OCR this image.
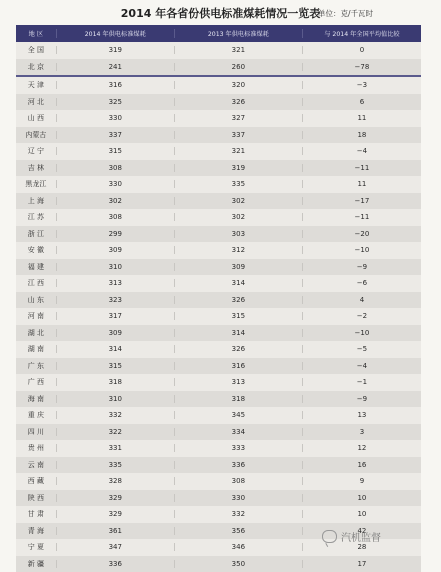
2014 年各省份供电标准煤耗情况一览表
单位：克/千瓦时
地 区	2014 年供电标准煤耗	2013 年供电标准煤耗	与 2014 年全国平均值比较
全 国	319	321	0
北 京	241	260	−78
天 津	316	320	−3
河 北	325	326	6
山 西	330	327	11
内蒙古	337	337	18
辽 宁	315	321	−4
吉 林	308	319	−11
黑龙江	330	335	11
上 海	302	302	−17
江 苏	308	302	−11
浙 江	299	303	−20
安 徽	309	312	−10
福 建	310	309	−9
江 西	313	314	−6
山 东	323	326	4
河 南	317	315	−2
湖 北	309	314	−10
湖 南	314	326	−5
广 东	315	316	−4
广 西	318	313	−1
海 南	310	318	−9
重 庆	332	345	13
四 川	322	334	3
贵 州	331	333	12
云 南	335	336	16
西 藏	328	308	9
陕 西	329	330	10
甘 肃	329	332	10
青 海	361	356	42
宁 夏	347	346	28
新 疆	336	350	17
汽机监督
